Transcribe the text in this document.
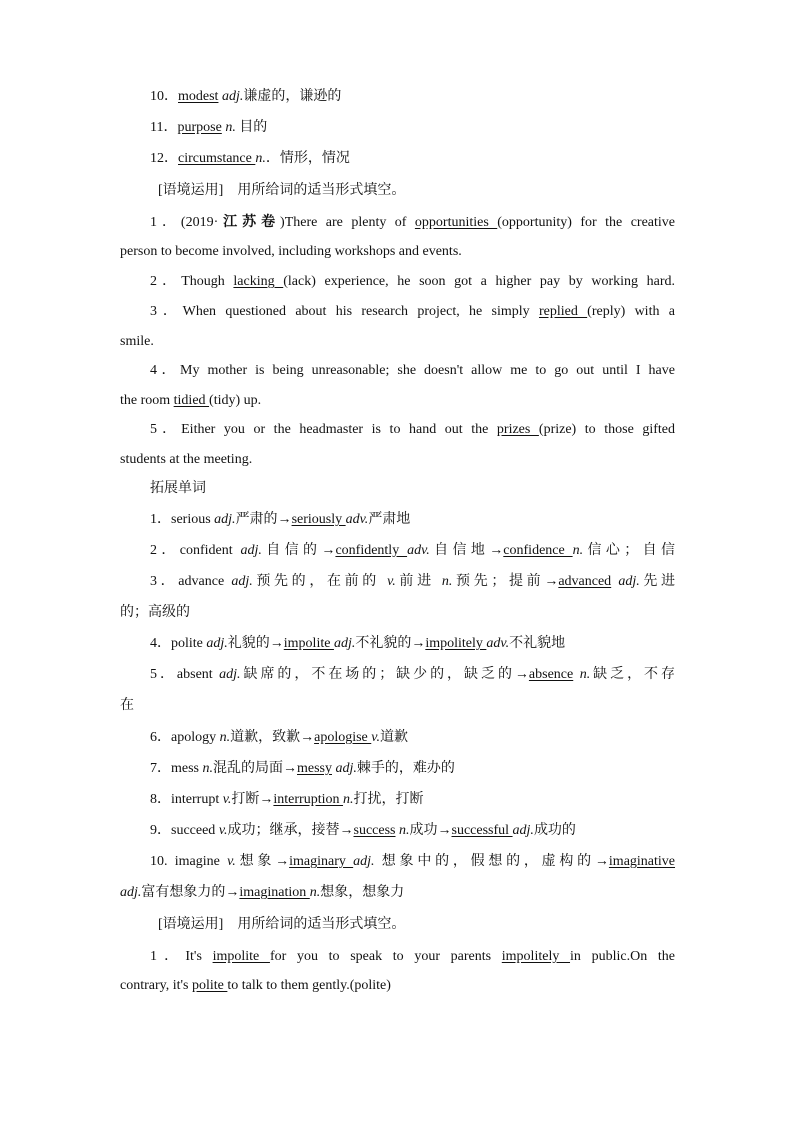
10．modest adj.谦虚的，谦逊的
11．purpose n. 目的
12．circumstance n.．情形，情况
[语境运用]　用所给词的适当形式填空。
1．(2019·江苏卷)There are plenty of opportunities (opportunity) for the creative
person to become involved, including workshops and events.
2．Though lacking (lack) experience, he soon got a higher pay by working hard.
3．When questioned about his research project, he simply replied (reply) with a
smile.
4．My mother is being unreasonable; she doesn't allow me to go out until I have
the room tidied (tidy) up.
5．Either you or the headmaster is to hand out the prizes (prize) to those gifted
students at the meeting.
拓展单词
1．serious adj.严肃的→seriously adv.严肃地
2．confident adj.自信的→confidently adv.自信地→confidence n.信心；自信
3．advance adj.预先的，在前的 v.前进 n.预先；提前→advanced adj.先进
的；高级的
4．polite adj.礼貌的→impolite adj.不礼貌的→impolitely adv.不礼貌地
5．absent adj.缺席的，不在场的；缺少的，缺乏的→absence n.缺乏，不存
在
6．apology n.道歉，致歉→apologise v.道歉
7．mess n.混乱的局面→messy adj.棘手的，难办的
8．interrupt v.打断→interruption n.打扰，打断
9．succeed v.成功；继承，接替→success n.成功→successful adj.成功的
10. imagine v.想象→imaginary adj. 想象中的，假想的，虚构的→imaginative
adj.富有想象力的→imagination n.想象，想象力
[语境运用]　用所给词的适当形式填空。
1．It's impolite for you to speak to your parents impolitely in public.On the
contrary, it's polite to talk to them gently.(polite)
